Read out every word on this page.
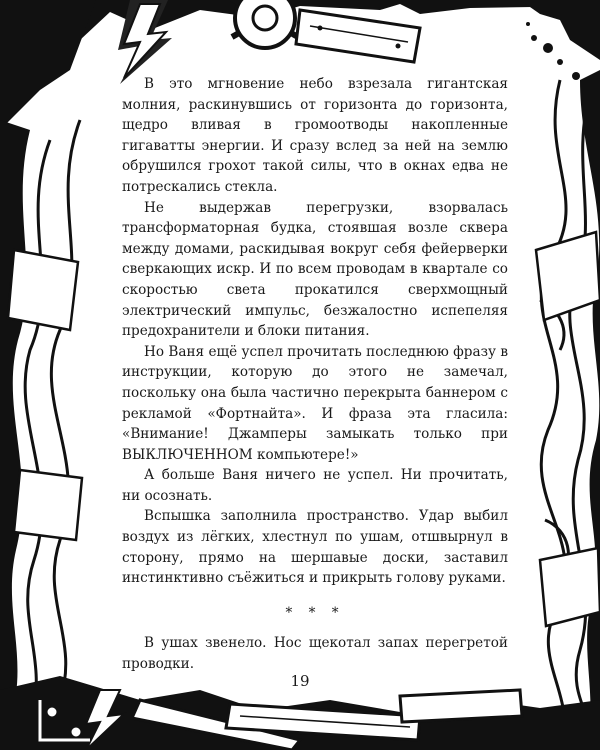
В это мгновение небо взрезала гигантская молния, раскинувшись от горизонта до горизонта, щедро вливая в громоотводы накопленные гигаватты энергии. И сразу вслед за ней на землю обрушился грохот такой силы, что в окнах едва не потрескались стекла.

Не выдержав перегрузки, взорвалась трансформаторная будка, стоявшая возле сквера между домами, раскидывая вокруг себя фейерверки сверкающих искр. И по всем проводам в квартале со скоростью света прокатился сверхмощный электрический импульс, безжалостно испепеляя предохранители и блоки питания.

Но Ваня ещё успел прочитать последнюю фразу в инструкции, которую до этого не замечал, поскольку она была частично перекрыта баннером с рекламой «Фортнайта». И фраза эта гласила: «Внимание! Джамперы замыкать только при ВЫКЛЮЧЕННОМ компьютере!»

А больше Ваня ничего не успел. Ни прочитать, ни осознать.

Вспышка заполнила пространство. Удар выбил воздух из лёгких, хлестнул по ушам, отшвырнул в сторону, прямо на шершавые доски, заставил инстинктивно съёжиться и прикрыть голову руками.

* * *

В ушах звенело. Нос щекотал запах перегретой проводки.

19
